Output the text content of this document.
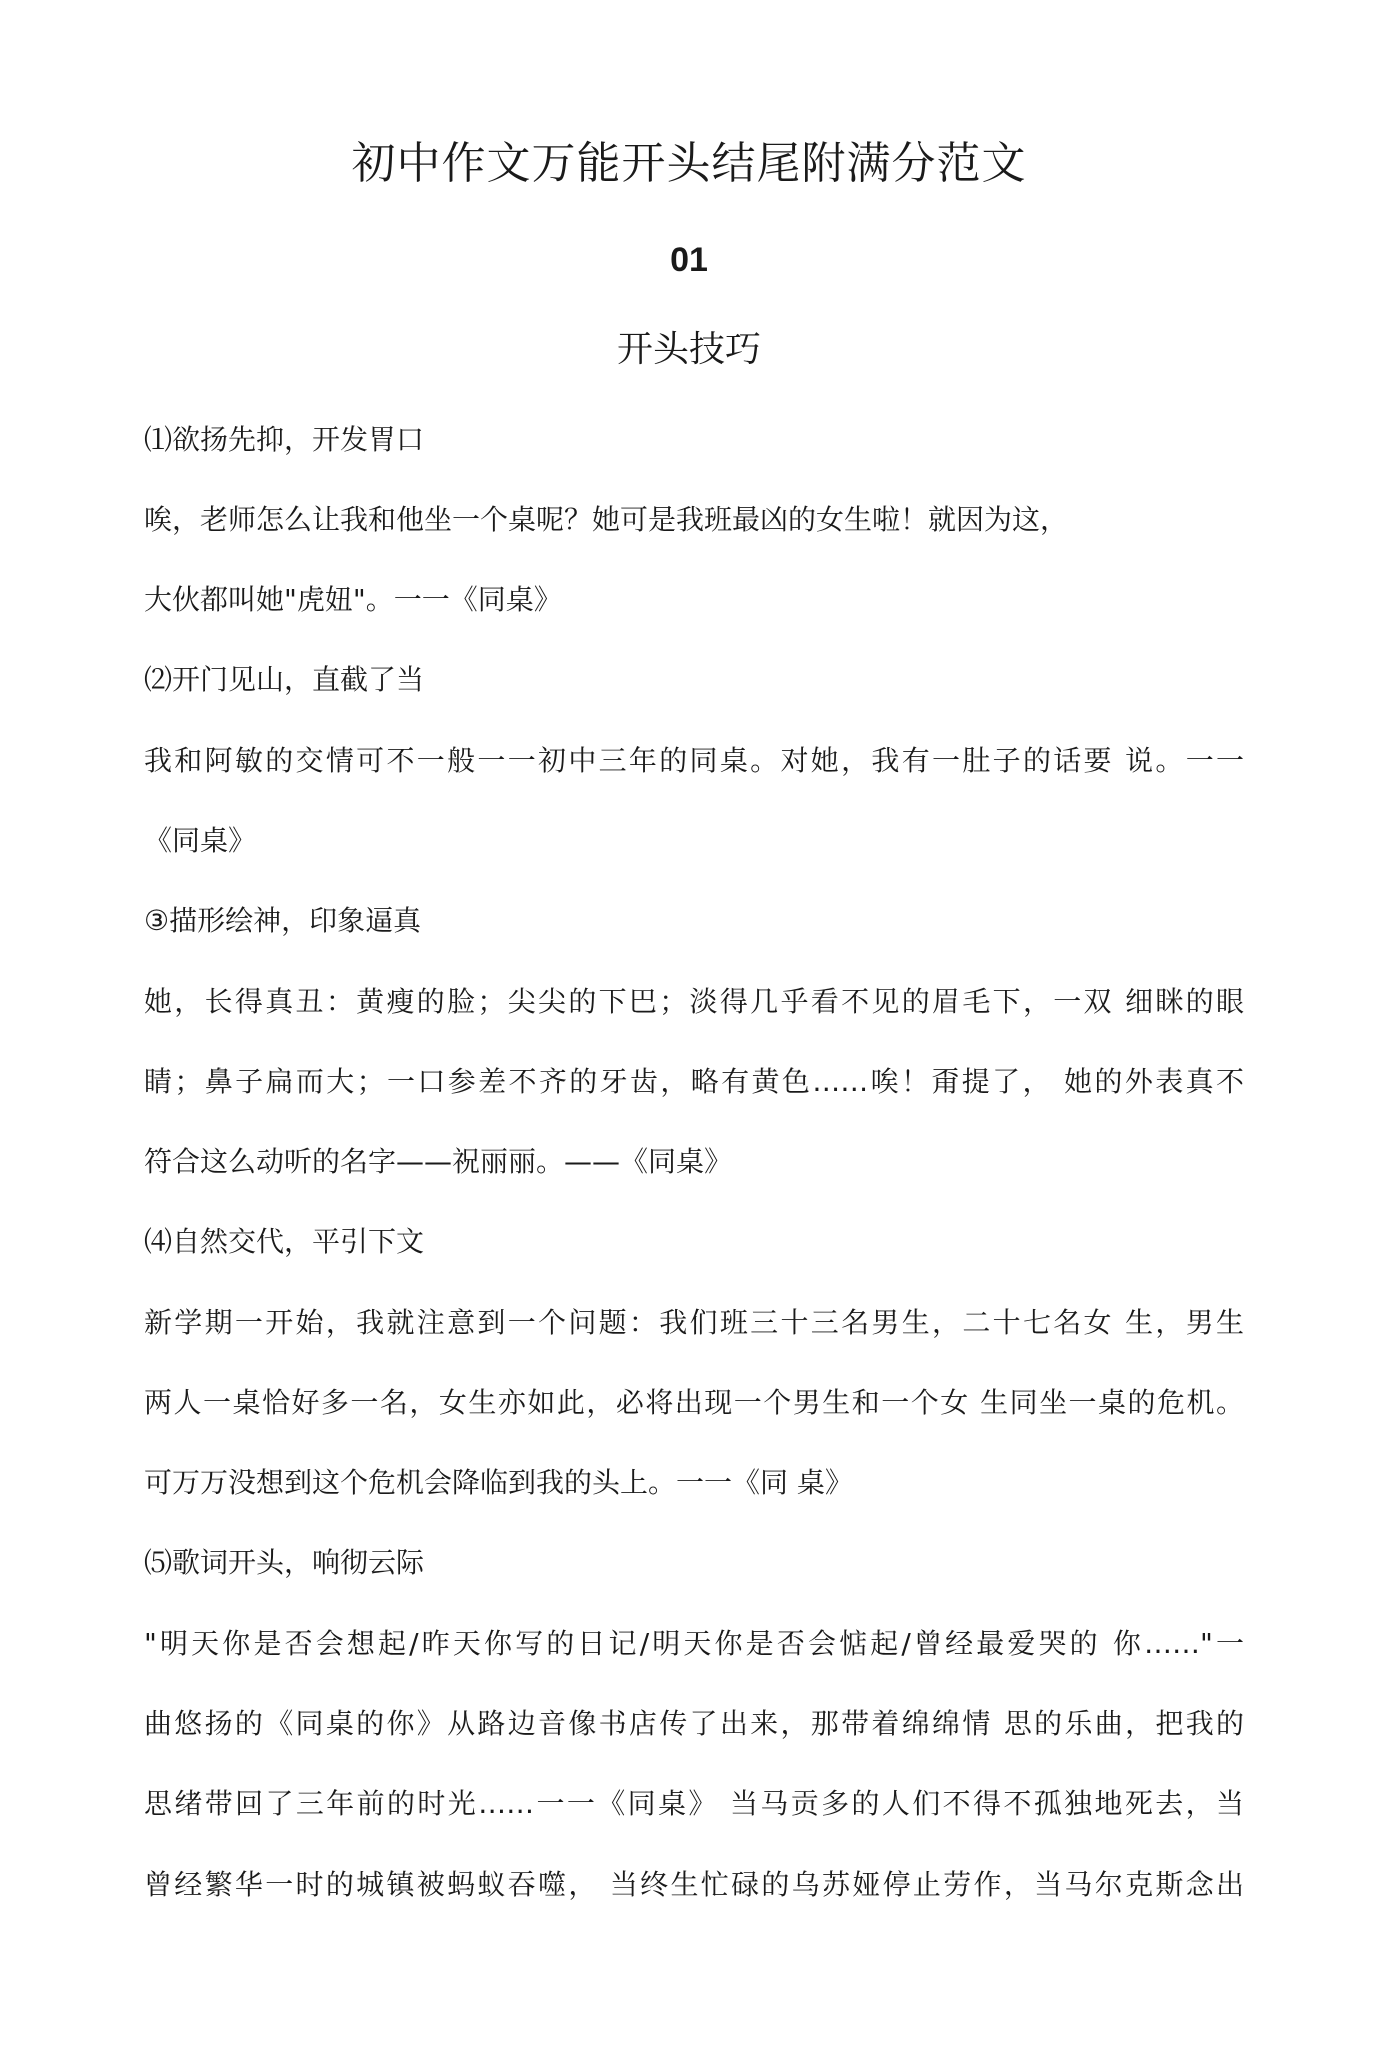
初中作文万能开头结尾附满分范文
01
开头技巧
⑴欲扬先抑，开发胃口
唉，老师怎么让我和他坐一个桌呢？她可是我班最凶的女生啦！就因为这，
大伙都叫她"虎妞"。一一《同桌》
⑵开门见山，直截了当
我和阿敏的交情可不一般一一初中三年的同桌。对她，我有一肚子的话要 说。一一
《同桌》
③描形绘神，印象逼真
她，长得真丑：黄瘦的脸；尖尖的下巴；淡得几乎看不见的眉毛下，一双 细眯的眼
睛；鼻子扁而大；一口参差不齐的牙齿，略有黄色……唉！甭提了， 她的外表真不
符合这么动听的名字——祝丽丽。——《同桌》
⑷自然交代，平引下文
新学期一开始，我就注意到一个问题：我们班三十三名男生，二十七名女 生，男生
两人一桌恰好多一名，女生亦如此，必将出现一个男生和一个女 生同坐一桌的危机。
可万万没想到这个危机会降临到我的头上。一一《同 桌》
⑸歌词开头，响彻云际
"明天你是否会想起/昨天你写的日记/明天你是否会惦起/曾经最爱哭的 你……"一
曲悠扬的《同桌的你》从路边音像书店传了出来，那带着绵绵情 思的乐曲，把我的
思绪带回了三年前的时光……一一《同桌》 当马贡多的人们不得不孤独地死去，当
曾经繁华一时的城镇被蚂蚁吞噬， 当终生忙碌的乌苏娅停止劳作，当马尔克斯念出
